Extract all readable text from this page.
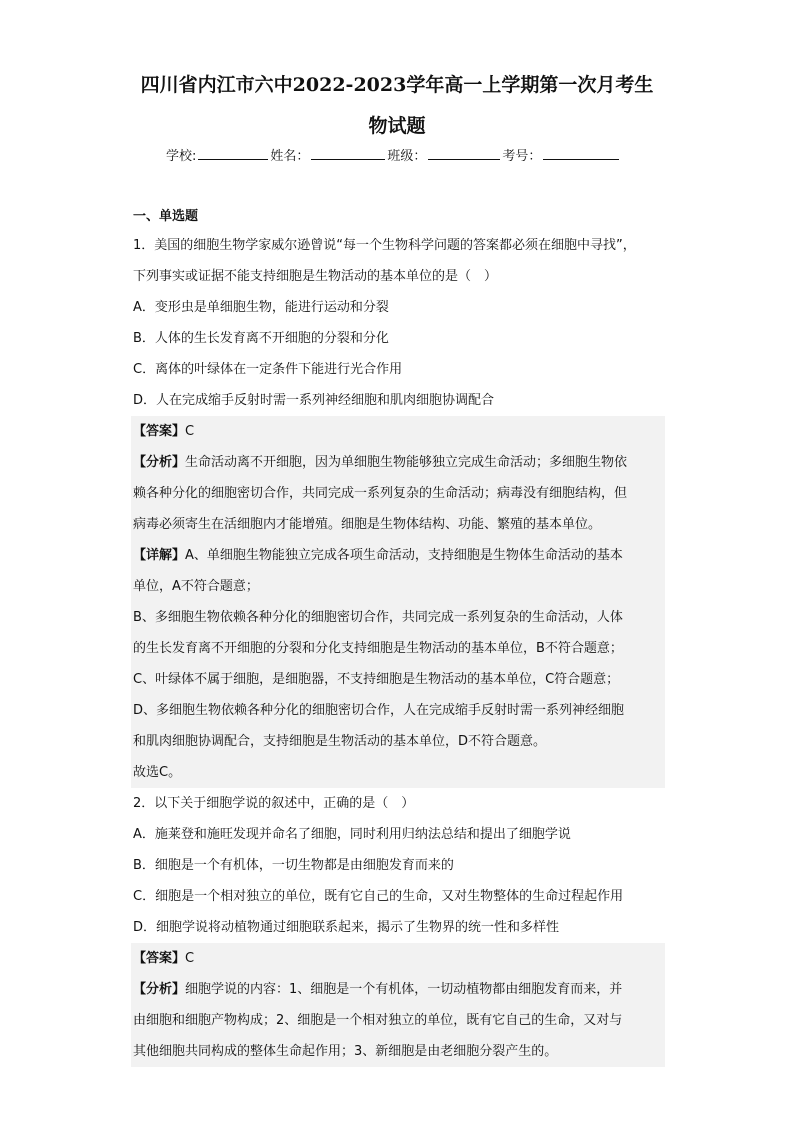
四川省内江市六中2022-2023学年高一上学期第一次月考生
物试题
学校:	姓名：	班级：	考号：
一、单选题
1．美国的细胞生物学家威尔逊曾说“每一个生物科学问题的答案都必须在细胞中寻找”，
下列事实或证据不能支持细胞是生物活动的基本单位的是（　）
A．变形虫是单细胞生物，能进行运动和分裂
B．人体的生长发育离不开细胞的分裂和分化
C．离体的叶绿体在一定条件下能进行光合作用
D．人在完成缩手反射时需一系列神经细胞和肌肉细胞协调配合
【答案】C
【分析】生命活动离不开细胞，因为单细胞生物能够独立完成生命活动；多细胞生物依
赖各种分化的细胞密切合作，共同完成一系列复杂的生命活动；病毒没有细胞结构，但
病毒必须寄生在活细胞内才能增殖。细胞是生物体结构、功能、繁殖的基本单位。
【详解】A、单细胞生物能独立完成各项生命活动，支持细胞是生物体生命活动的基本
单位，A不符合题意；
B、多细胞生物依赖各种分化的细胞密切合作，共同完成一系列复杂的生命活动，人体
的生长发育离不开细胞的分裂和分化支持细胞是生物活动的基本单位，B不符合题意；
C、叶绿体不属于细胞，是细胞器，不支持细胞是生物活动的基本单位，C符合题意；
D、多细胞生物依赖各种分化的细胞密切合作，人在完成缩手反射时需一系列神经细胞
和肌肉细胞协调配合，支持细胞是生物活动的基本单位，D不符合题意。
故选C。
2．以下关于细胞学说的叙述中，正确的是（　）
A．施莱登和施旺发现并命名了细胞，同时利用归纳法总结和提出了细胞学说
B．细胞是一个有机体，一切生物都是由细胞发育而来的
C．细胞是一个相对独立的单位，既有它自己的生命，又对生物整体的生命过程起作用
D．细胞学说将动植物通过细胞联系起来，揭示了生物界的统一性和多样性
【答案】C
【分析】细胞学说的内容：1、细胞是一个有机体，一切动植物都由细胞发育而来，并
由细胞和细胞产物构成；2、细胞是一个相对独立的单位，既有它自己的生命，又对与
其他细胞共同构成的整体生命起作用；3、新细胞是由老细胞分裂产生的。
